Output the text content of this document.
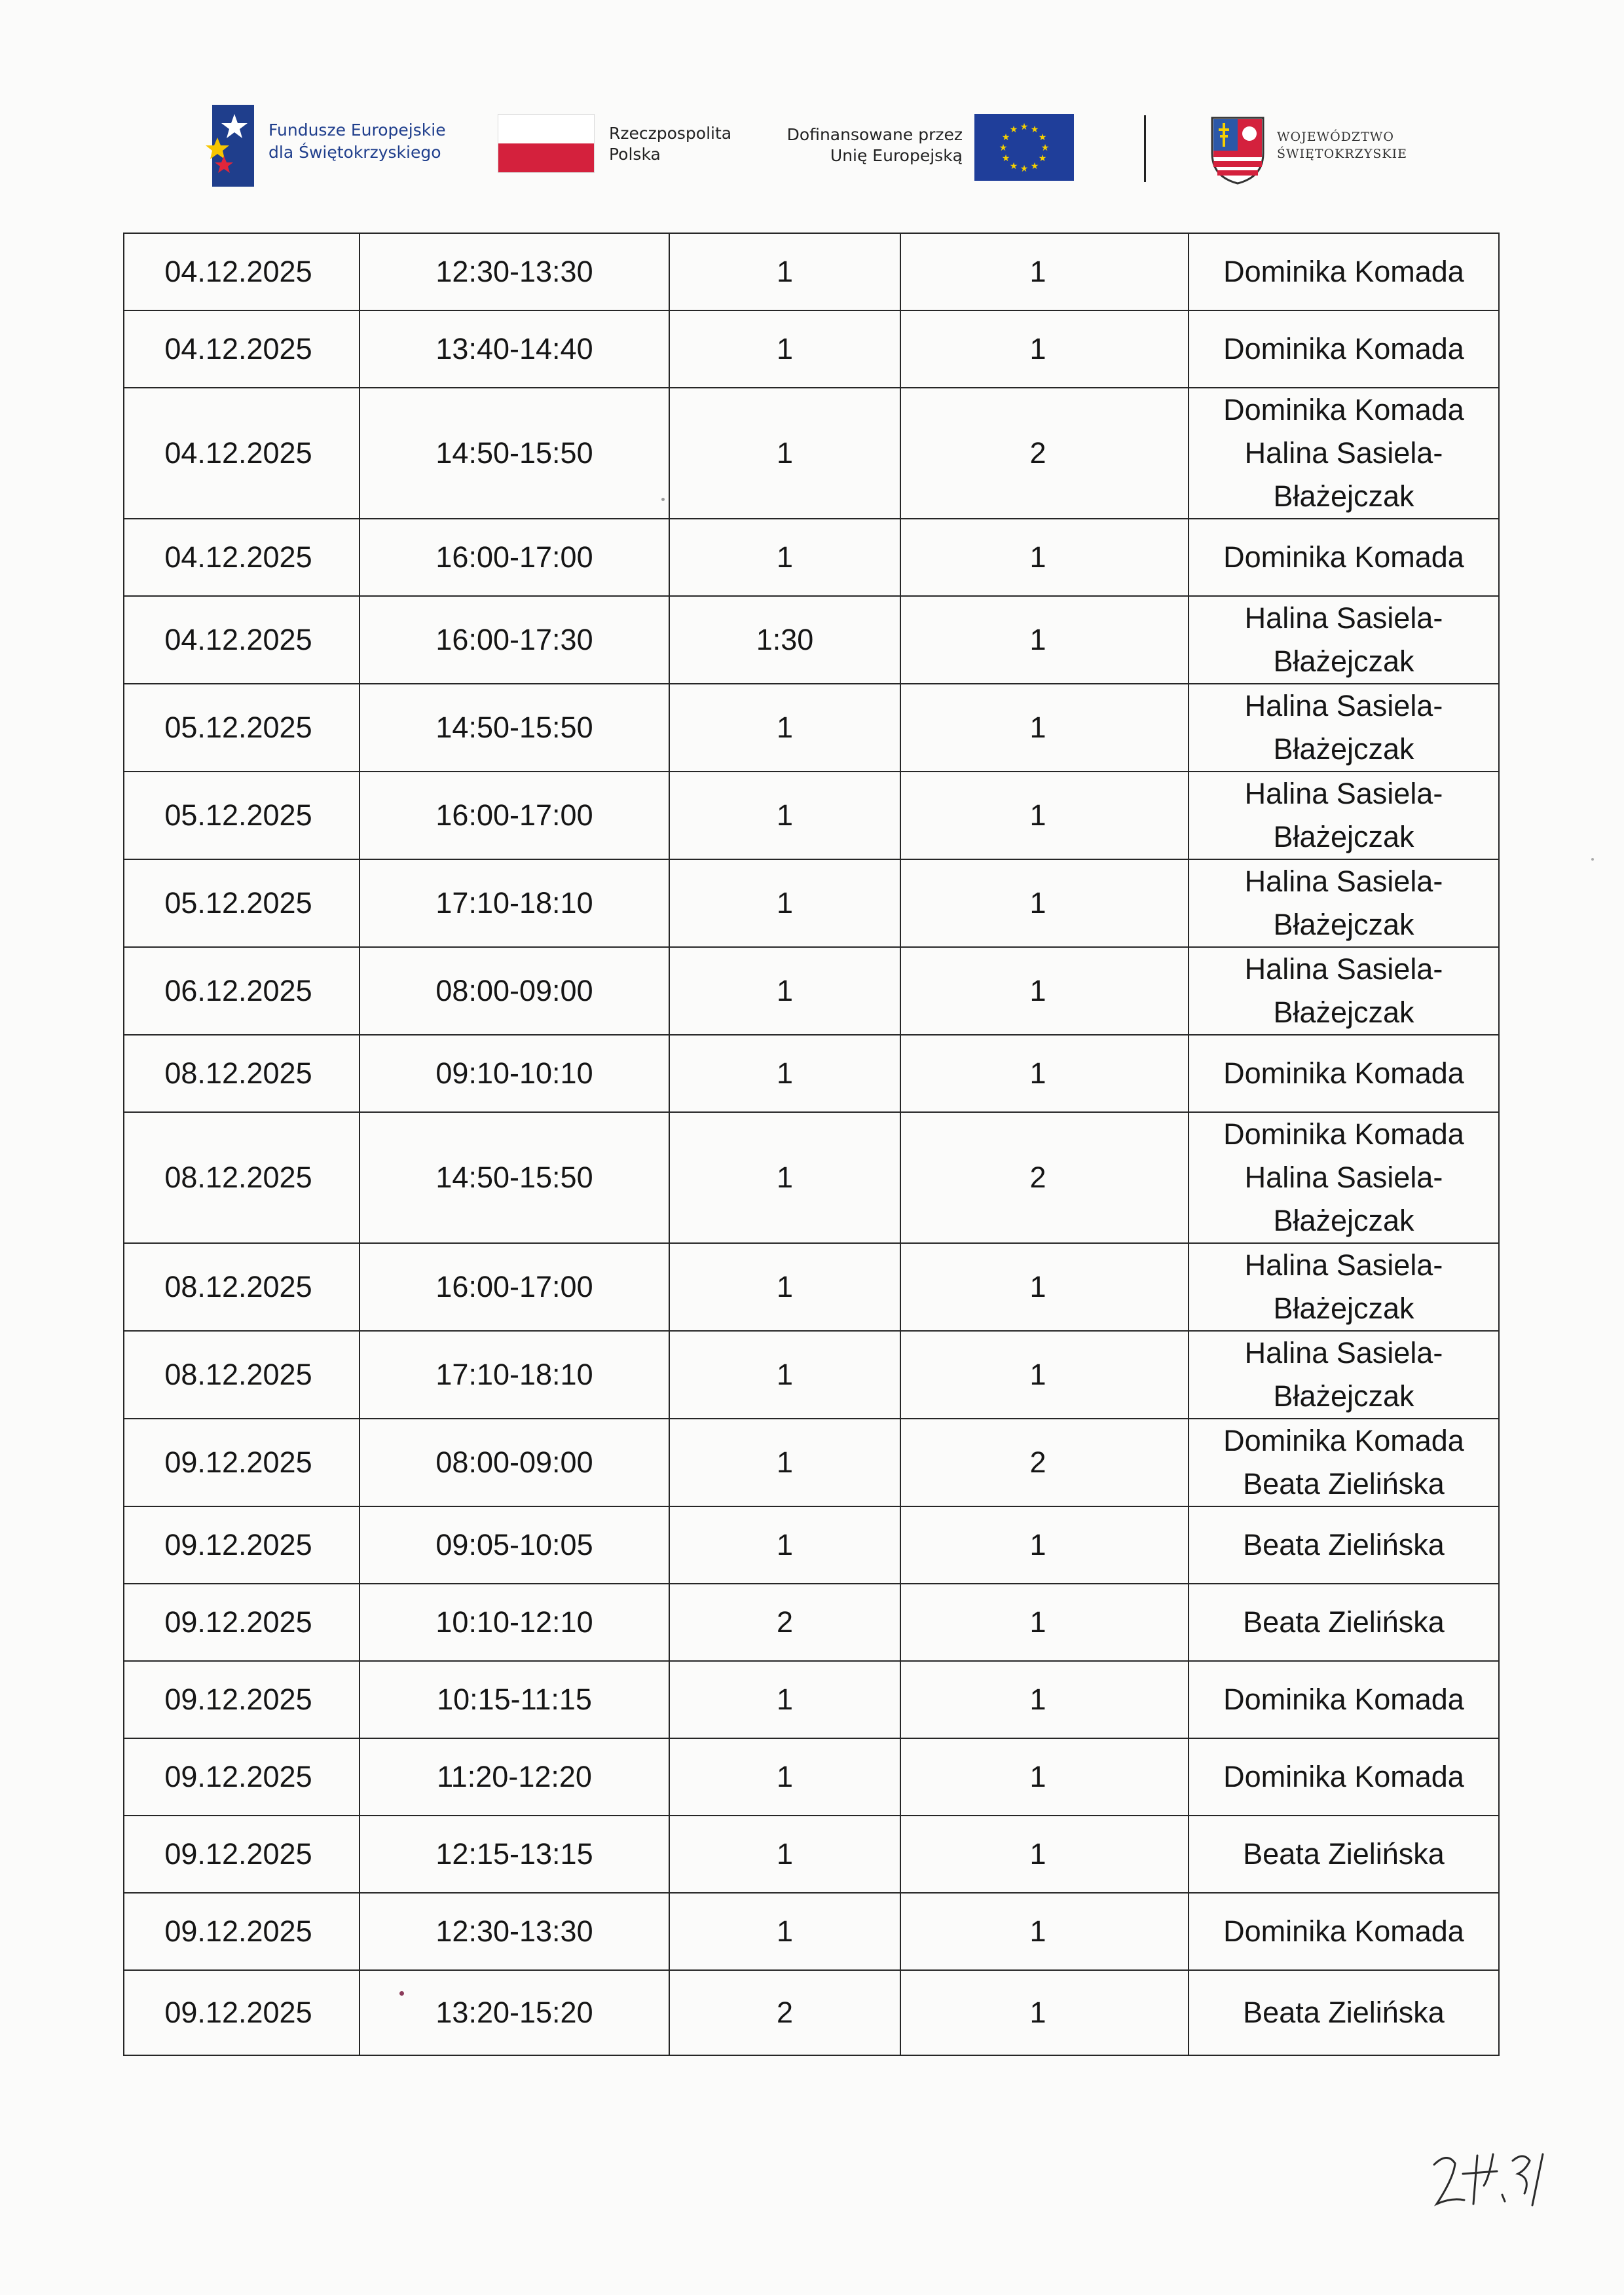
Fundusze Europejskie
dla Świętokrzyskiego
Rzeczpospolita
Polska
Dofinansowane przez
Unię Europejską
★ ★
★
★
★
★
★
★
★
★
★
★	WOJEWÓDZTWO
ŚWIĘTOKRZYSKIE
04.12.2025	12:30-13:30	1	1	Dominika Komada

04.12.2025	13:40-14:40	1	1	Dominika Komada

04.12.2025	14:50-15:50	1	2	Dominika Komada
Halina Sasiela-
Błażejczak

04.12.2025	16:00-17:00	1	1	Dominika Komada

04.12.2025	16:00-17:30	1:30	1	Halina Sasiela-
Błażejczak

05.12.2025	14:50-15:50	1	1	Halina Sasiela-
Błażejczak

05.12.2025	16:00-17:00	1	1	Halina Sasiela-
Błażejczak

05.12.2025	17:10-18:10	1	1	Halina Sasiela-
Błażejczak

06.12.2025	08:00-09:00	1	1	Halina Sasiela-
Błażejczak

08.12.2025	09:10-10:10	1	1	Dominika Komada

08.12.2025	14:50-15:50	1	2	Dominika Komada
Halina Sasiela-
Błażejczak

08.12.2025	16:00-17:00	1	1	Halina Sasiela-
Błażejczak

08.12.2025	17:10-18:10	1	1	Halina Sasiela-
Błażejczak

09.12.2025	08:00-09:00	1	2	Dominika Komada
Beata Zielińska

09.12.2025	09:05-10:05	1	1	Beata Zielińska

09.12.2025	10:10-12:10	2	1	Beata Zielińska

09.12.2025	10:15-11:15	1	1	Dominika Komada

09.12.2025	11:20-12:20	1	1	Dominika Komada

09.12.2025	12:15-13:15	1	1	Beata Zielińska

09.12.2025	12:30-13:30	1	1	Dominika Komada

09.12.2025	13:20-15:20	2	1	Beata Zielińska
